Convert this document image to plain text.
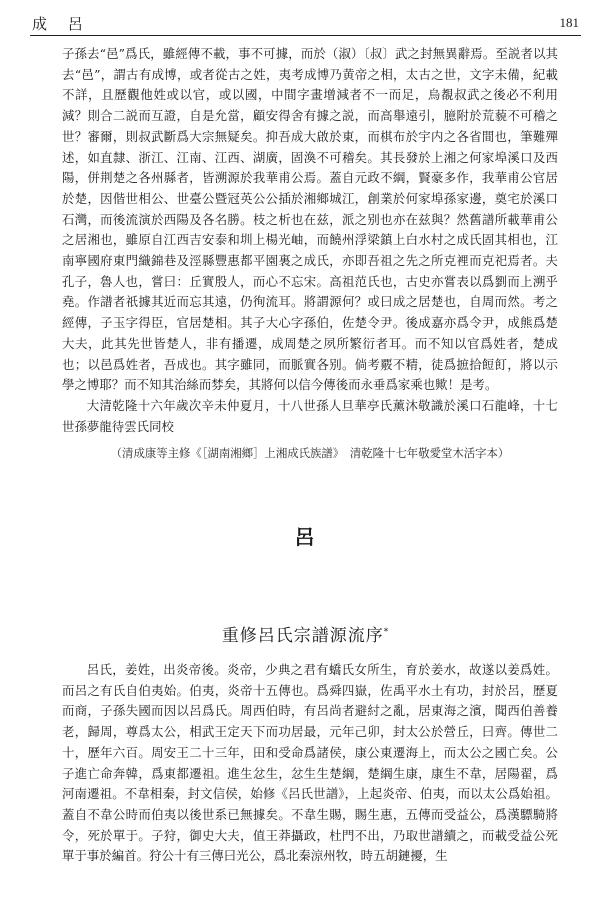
成 呂	181

子孫去“邑”爲氏，雖經傳不載，事不可據，而於（淑）〔叔〕武之封無異辭焉。至説者以其去“邑”，謂古有成博，或者從古之姓，夷考成博乃黄帝之相，太古之世，文字未備，紀載不詳，且歷觀他姓或以官，或以國，中間字畫增減者不一而足，烏覩叔武之後必不利用減？則合二説而互證，自是允當，顧安得舍有據之説，而高舉遠引，臆附於荒藐不可稽之世？審爾，則叔武斷爲大宗無疑矣。抑吾成大啟於東，而棋布於宇内之各省間也，筆難殫述，如直隸、浙江、江南、江西、湖廣，固渙不可稽矣。其長發於上湘之何家埠溪口及西陽，併荆楚之各州縣者，皆溯源於我華甫公焉。蓋自元政不綱，賢豪多作，我華甫公官居於楚，因偕世相公、世臺公暨冠英公公插於湘鄉城江，創業於何家埠孫家邊，奠宅於溪口石灣，而後流演於西陽及各名勝。枝之析也在兹，派之别也亦在兹與？然舊譜所載華甫公之居湘也，雖原自江西吉安泰和圳上楊光岫，而饒州浮梁鎮上白水村之成氏固其相也，江南寧國府東門織錦巷及涇縣豐惠都平園裏之成氏，亦即吾祖之先之所克裡而克祀焉者。夫孔子，魯人也，嘗曰：丘實殷人，而心不忘宋。高祖范氏也，古史亦嘗表以爲劉而上溯乎堯。作譜者祇據其近而忘其遠，仍徇流耳。將謂源何？或曰成之居楚也，自周而然。考之經傳，子玉字得臣，官居楚相。其子大心字孫伯，佐楚令尹。後成嘉亦爲令尹，成熊爲楚大夫，此其先世皆楚人，非有播遷，成周楚之夙所繁衍者耳。而不知以官爲姓者，楚成也；以邑爲姓者，吾成也。其字雖同，而脈實各别。倘考覈不精，徒爲摭拾餖飣，將以示學之博耶？而不知其治絲而棼矣，其將何以信今傳後而永垂爲家乘也歟！是考。

大清乾隆十六年歲次辛未仲夏月，十八世孫人旦華亭氏薰沐敬識於溪口石龍峰，十七世孫夢龍待雲氏同校

（清成康等主修《［湖南湘鄉］上湘成氏族譜》　清乾隆十七年敬愛堂木活字本）
呂
重修呂氏宗譜源流序*

呂氏，姜姓，出炎帝後。炎帝，少典之君有蟜氏女所生，育於姜水，故遂以姜爲姓。而呂之有氏自伯夷始。伯夷，炎帝十五傳也。爲舜四嶽，佐禹平水土有功，封於呂，歷夏而商，子孫失國而因以呂爲氏。周西伯時，有呂尚者避紂之亂，居東海之濱，聞西伯善養老，歸周，尊爲太公，相武王定天下而功居最，元年己卯，封太公於營丘，曰齊。傳世二十，歷年六百。周安王二十三年，田和受命爲諸侯，康公東遷海上，而太公之國亡矣。公子進亡命奔韓，爲東都遷祖。進生忿生，忿生生楚綱，楚綱生康，康生不韋，居陽翟，爲河南遷祖。不韋相秦，封文信侯，始修《呂氏世譜》，上起炎帝、伯夷，而以太公爲始祖。蓋自不韋公時而伯夷以後世系已無據矣。不韋生賜，賜生惠，五傳而受益公，爲漢驃騎將令，死於單于。子狩，御史大夫，值王莽攝政，杜門不出，乃取世譜續之，而載受益公死單于事於編首。狩公十有三傳曰光公，爲北秦涼州牧，時五胡鏈擾，生
